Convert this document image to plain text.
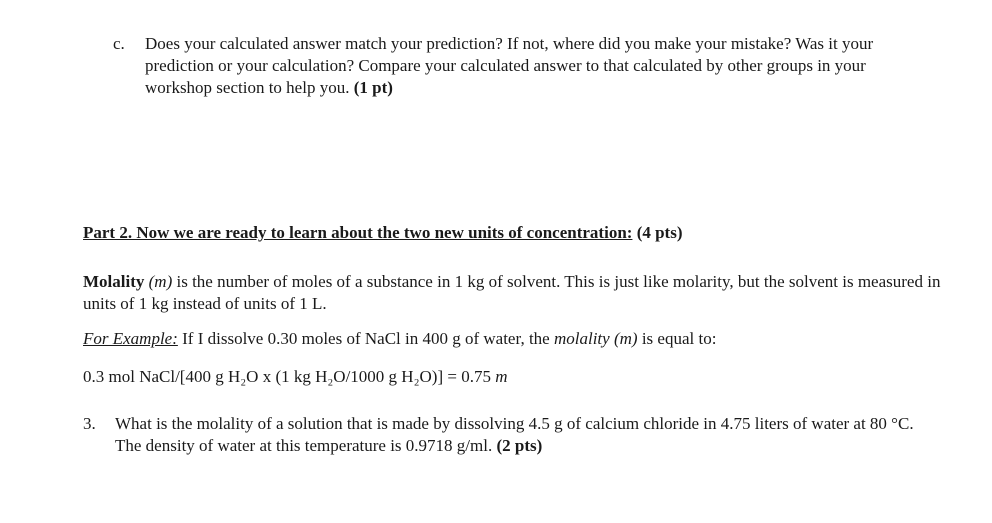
c. Does your calculated answer match your prediction? If not, where did you make your mistake? Was it your prediction or your calculation? Compare your calculated answer to that calculated by other groups in your workshop section to help you. (1 pt)
Part 2. Now we are ready to learn about the two new units of concentration: (4 pts)
Molality (m) is the number of moles of a substance in 1 kg of solvent. This is just like molarity, but the solvent is measured in units of 1 kg instead of units of 1 L.
For Example: If I dissolve 0.30 moles of NaCl in 400 g of water, the molality (m) is equal to:
0.3 mol NaCl/[400 g H₂O x (1 kg H₂O/1000 g H₂O)] = 0.75 m
3. What is the molality of a solution that is made by dissolving 4.5 g of calcium chloride in 4.75 liters of water at 80 °C. The density of water at this temperature is 0.9718 g/ml. (2 pts)
